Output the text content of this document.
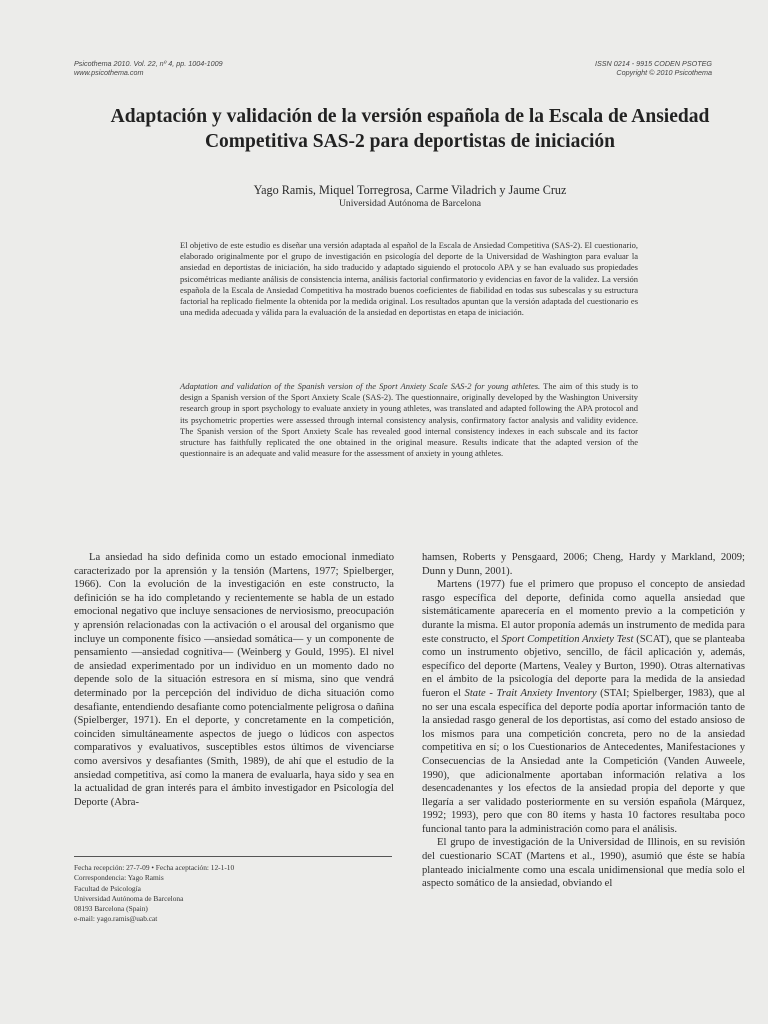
Psicothema 2010. Vol. 22, nº 4, pp. 1004-1009
www.psicothema.com
ISSN 0214 - 9915 CODEN PSOTEG
Copyright © 2010 Psicothema
Adaptación y validación de la versión española de la Escala de Ansiedad
Competitiva SAS-2 para deportistas de iniciación
Yago Ramis, Miquel Torregrosa, Carme Viladrich y Jaume Cruz
Universidad Autónoma de Barcelona
El objetivo de este estudio es diseñar una versión adaptada al español de la Escala de Ansiedad Competitiva (SAS-2). El cuestionario, elaborado originalmente por el grupo de investigación en psicología del deporte de la Universidad de Washington para evaluar la ansiedad en deportistas de iniciación, ha sido traducido y adaptado siguiendo el protocolo APA y se han evaluado sus propiedades psicométricas mediante análisis de consistencia interna, análisis factorial confirmatorio y evidencias en favor de la validez. La versión española de la Escala de Ansiedad Competitiva ha mostrado buenos coeficientes de fiabilidad en todas sus subescalas y su estructura factorial ha replicado fielmente la obtenida por la medida original. Los resultados apuntan que la versión adaptada del cuestionario es una medida adecuada y válida para la evaluación de la ansiedad en deportistas en etapa de iniciación.
Adaptation and validation of the Spanish version of the Sport Anxiety Scale SAS-2 for young athletes. The aim of this study is to design a Spanish version of the Sport Anxiety Scale (SAS-2). The questionnaire, originally developed by the Washington University research group in sport psychology to evaluate anxiety in young athletes, was translated and adapted following the APA protocol and its psychometric properties were assessed through internal consistency analysis, confirmatory factor analysis and validity evidence. The Spanish version of the Sport Anxiety Scale has revealed good internal consistency indexes in each subscale and its factor structure has faithfully replicated the one obtained in the original measure. Results indicate that the adapted version of the questionnaire is an adequate and valid measure for the assessment of anxiety in young athletes.

La ansiedad ha sido definida como un estado emocional inmediato caracterizado por la aprensión y la tensión (Martens, 1977; Spielberger, 1966). Con la evolución de la investigación en este constructo, la definición se ha ido completando y recientemente se habla de un estado emocional negativo que incluye sensaciones de nerviosismo, preocupación y aprensión relacionadas con la activación o el arousal del organismo que incluye un componente físico —ansiedad somática— y un componente de pensamiento —ansiedad cognitiva— (Weinberg y Gould, 1995). El nivel de ansiedad experimentado por un individuo en un momento dado no depende solo de la situación estresora en sí misma, sino que vendrá determinado por la percepción del individuo de dicha situación como desafiante, entendiendo desafiante como potencialmente peligrosa o dañina (Spielberger, 1971). En el deporte, y concretamente en la competición, coinciden simultáneamente aspectos de juego o lúdicos con aspectos comparativos y evaluativos, susceptibles estos últimos de vivenciarse como aversivos y desafiantes (Smith, 1989), de ahí que el estudio de la ansiedad competitiva, así como la manera de evaluarla, haya sido y sea en la actualidad de gran interés para el ámbito investigador en Psicología del Deporte (Abra-

hamsen, Roberts y Pensgaard, 2006; Cheng, Hardy y Markland, 2009; Dunn y Dunn, 2001).

Martens (1977) fue el primero que propuso el concepto de ansiedad rasgo específica del deporte, definida como aquella ansiedad que sistemáticamente aparecería en el momento previo a la competición y durante la misma. El autor proponía además un instrumento de medida para este constructo, el Sport Competition Anxiety Test (SCAT), que se planteaba como un instrumento objetivo, sencillo, de fácil aplicación y, además, específico del deporte (Martens, Vealey y Burton, 1990). Otras alternativas en el ámbito de la psicología del deporte para la medida de la ansiedad fueron el State - Trait Anxiety Inventory (STAI; Spielberger, 1983), que al no ser una escala específica del deporte podía aportar información tanto de la ansiedad rasgo general de los deportistas, así como del estado ansioso de los mismos para una competición concreta, pero no de la ansiedad competitiva en sí; o los Cuestionarios de Antecedentes, Manifestaciones y Consecuencias de la Ansiedad ante la Competición (Vanden Auweele, 1990), que adicionalmente aportaban información relativa a los desencadenantes y los efectos de la ansiedad propia del deporte y que llegaría a ser validado posteriormente en su versión española (Márquez, 1992; 1993), pero que con 80 ítems y hasta 10 factores resultaba poco funcional tanto para la administración como para el análisis.

El grupo de investigación de la Universidad de Illinois, en su revisión del cuestionario SCAT (Martens et al., 1990), asumió que éste se había planteado inicialmente como una escala unidimensional que medía solo el aspecto somático de la ansiedad, obviando el

Fecha recepción: 27-7-09 • Fecha aceptación: 12-1-10
Correspondencia: Yago Ramis
Facultad de Psicología
Universidad Autónoma de Barcelona
08193 Barcelona (Spain)
e-mail: yago.ramis@uab.cat
